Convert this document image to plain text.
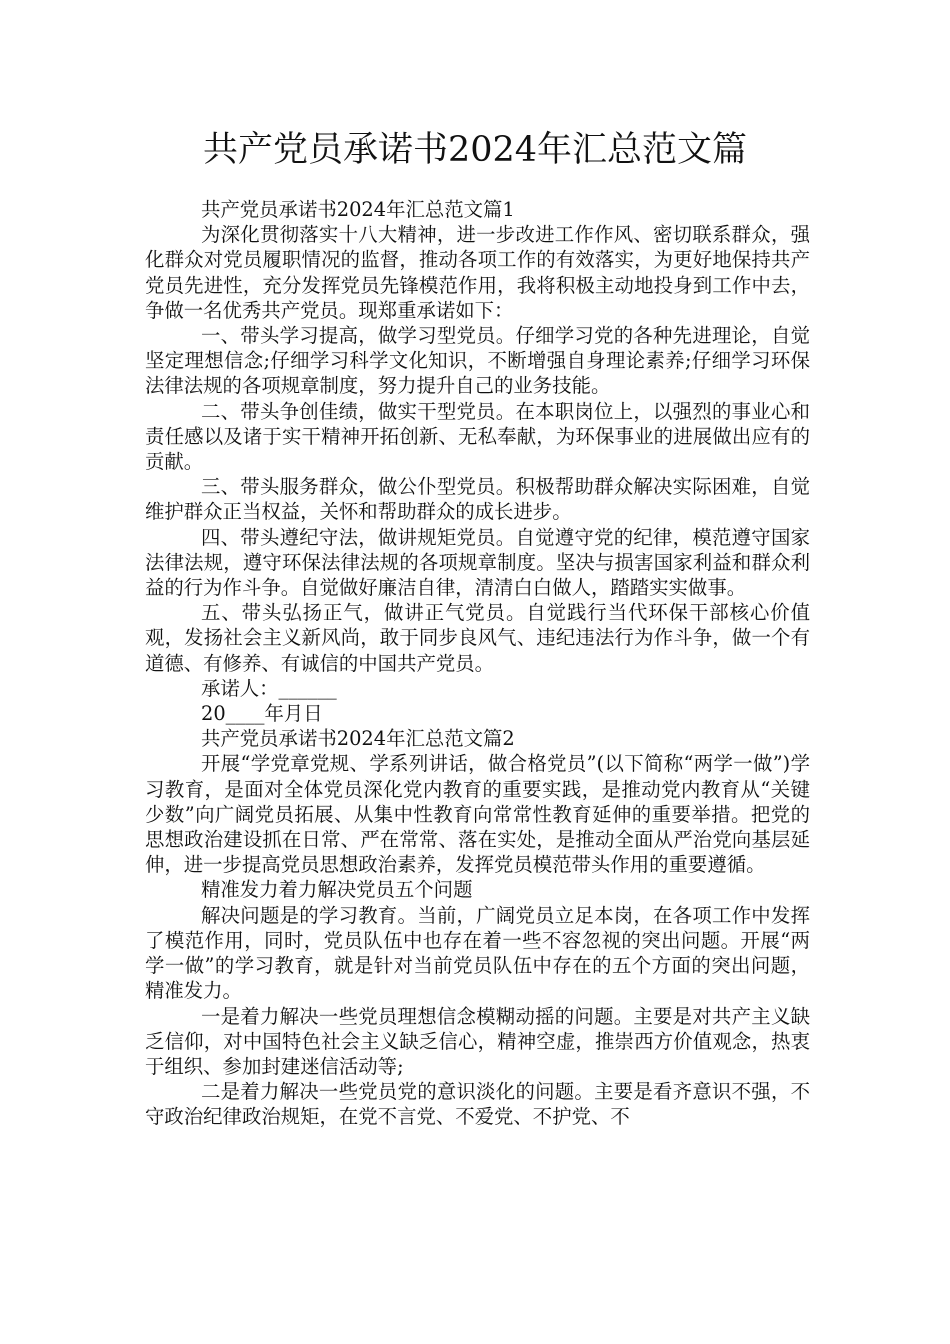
共产党员承诺书2024年汇总范文篇

共产党员承诺书2024年汇总范文篇1

为深化贯彻落实十八大精神，进一步改进工作作风、密切联系群众，强化群众对党员履职情况的监督，推动各项工作的有效落实，为更好地保持共产党员先进性，充分发挥党员先锋模范作用，我将积极主动地投身到工作中去，争做一名优秀共产党员。现郑重承诺如下：

一、带头学习提高，做学习型党员。仔细学习党的各种先进理论，自觉坚定理想信念;仔细学习科学文化知识，不断增强自身理论素养;仔细学习环保法律法规的各项规章制度，努力提升自己的业务技能。

二、带头争创佳绩，做实干型党员。在本职岗位上，以强烈的事业心和责任感以及诸于实干精神开拓创新、无私奉献，为环保事业的进展做出应有的贡献。

三、带头服务群众，做公仆型党员。积极帮助群众解决实际困难，自觉维护群众正当权益，关怀和帮助群众的成长进步。

四、带头遵纪守法，做讲规矩党员。自觉遵守党的纪律，模范遵守国家法律法规，遵守环保法律法规的各项规章制度。坚决与损害国家利益和群众利益的行为作斗争。自觉做好廉洁自律，清清白白做人，踏踏实实做事。

五、带头弘扬正气，做讲正气党员。自觉践行当代环保干部核心价值观，发扬社会主义新风尚，敢于同步良风气、违纪违法行为作斗争，做一个有道德、有修养、有诚信的中国共产党员。

承诺人：______

20____年月日

共产党员承诺书2024年汇总范文篇2

开展“学党章党规、学系列讲话，做合格党员”(以下简称“两学一做”)学习教育，是面对全体党员深化党内教育的重要实践，是推动党内教育从“关键少数”向广阔党员拓展、从集中性教育向常常性教育延伸的重要举措。把党的思想政治建设抓在日常、严在常常、落在实处，是推动全面从严治党向基层延伸，进一步提高党员思想政治素养，发挥党员模范带头作用的重要遵循。

精准发力着力解决党员五个问题

解决问题是的学习教育。当前，广阔党员立足本岗，在各项工作中发挥了模范作用，同时，党员队伍中也存在着一些不容忽视的突出问题。开展“两学一做”的学习教育，就是针对当前党员队伍中存在的五个方面的突出问题，精准发力。

一是着力解决一些党员理想信念模糊动摇的问题。主要是对共产主义缺乏信仰，对中国特色社会主义缺乏信心，精神空虚，推崇西方价值观念，热衷于组织、参加封建迷信活动等;

二是着力解决一些党员党的意识淡化的问题。主要是看齐意识不强，不守政治纪律政治规矩，在党不言党、不爱党、不护党、不
